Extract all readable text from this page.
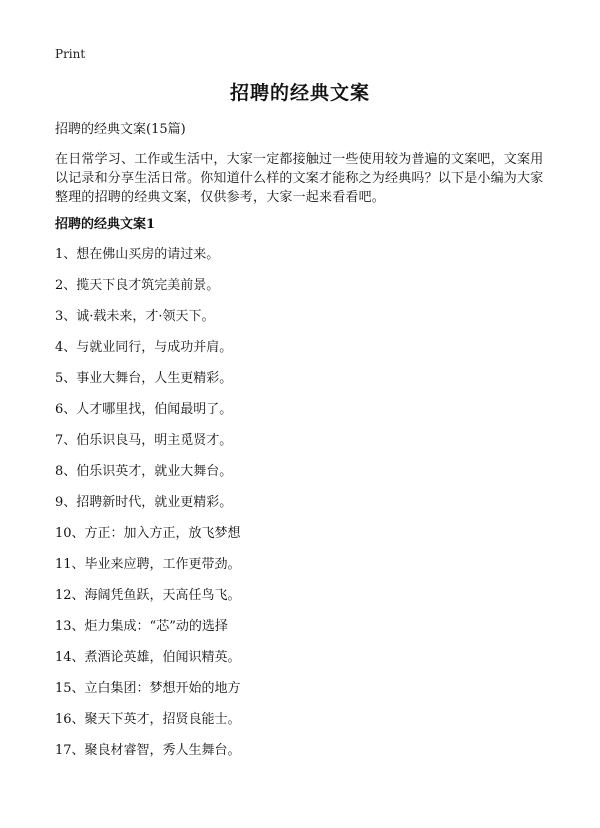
Print
招聘的经典文案

招聘的经典文案(15篇)

在日常学习、工作或生活中，大家一定都接触过一些使用较为普遍的文案吧，文案用以记录和分享生活日常。你知道什么样的文案才能称之为经典吗？以下是小编为大家整理的招聘的经典文案，仅供参考，大家一起来看看吧。

招聘的经典文案1
1、想在佛山买房的请过来。
2、揽天下良才筑完美前景。
3、诚·载未来，才·领天下。
4、与就业同行，与成功并肩。
5、事业大舞台，人生更精彩。
6、人才哪里找，伯闻最明了。
7、伯乐识良马，明主觅贤才。
8、伯乐识英才，就业大舞台。
9、招聘新时代，就业更精彩。
10、方正：加入方正，放飞梦想
11、毕业来应聘，工作更带劲。
12、海阔凭鱼跃，天高任鸟飞。
13、炬力集成：“芯”动的选择
14、煮酒论英雄，伯闻识精英。
15、立白集团：梦想开始的地方
16、聚天下英才，招贤良能士。
17、聚良材睿智，秀人生舞台。
